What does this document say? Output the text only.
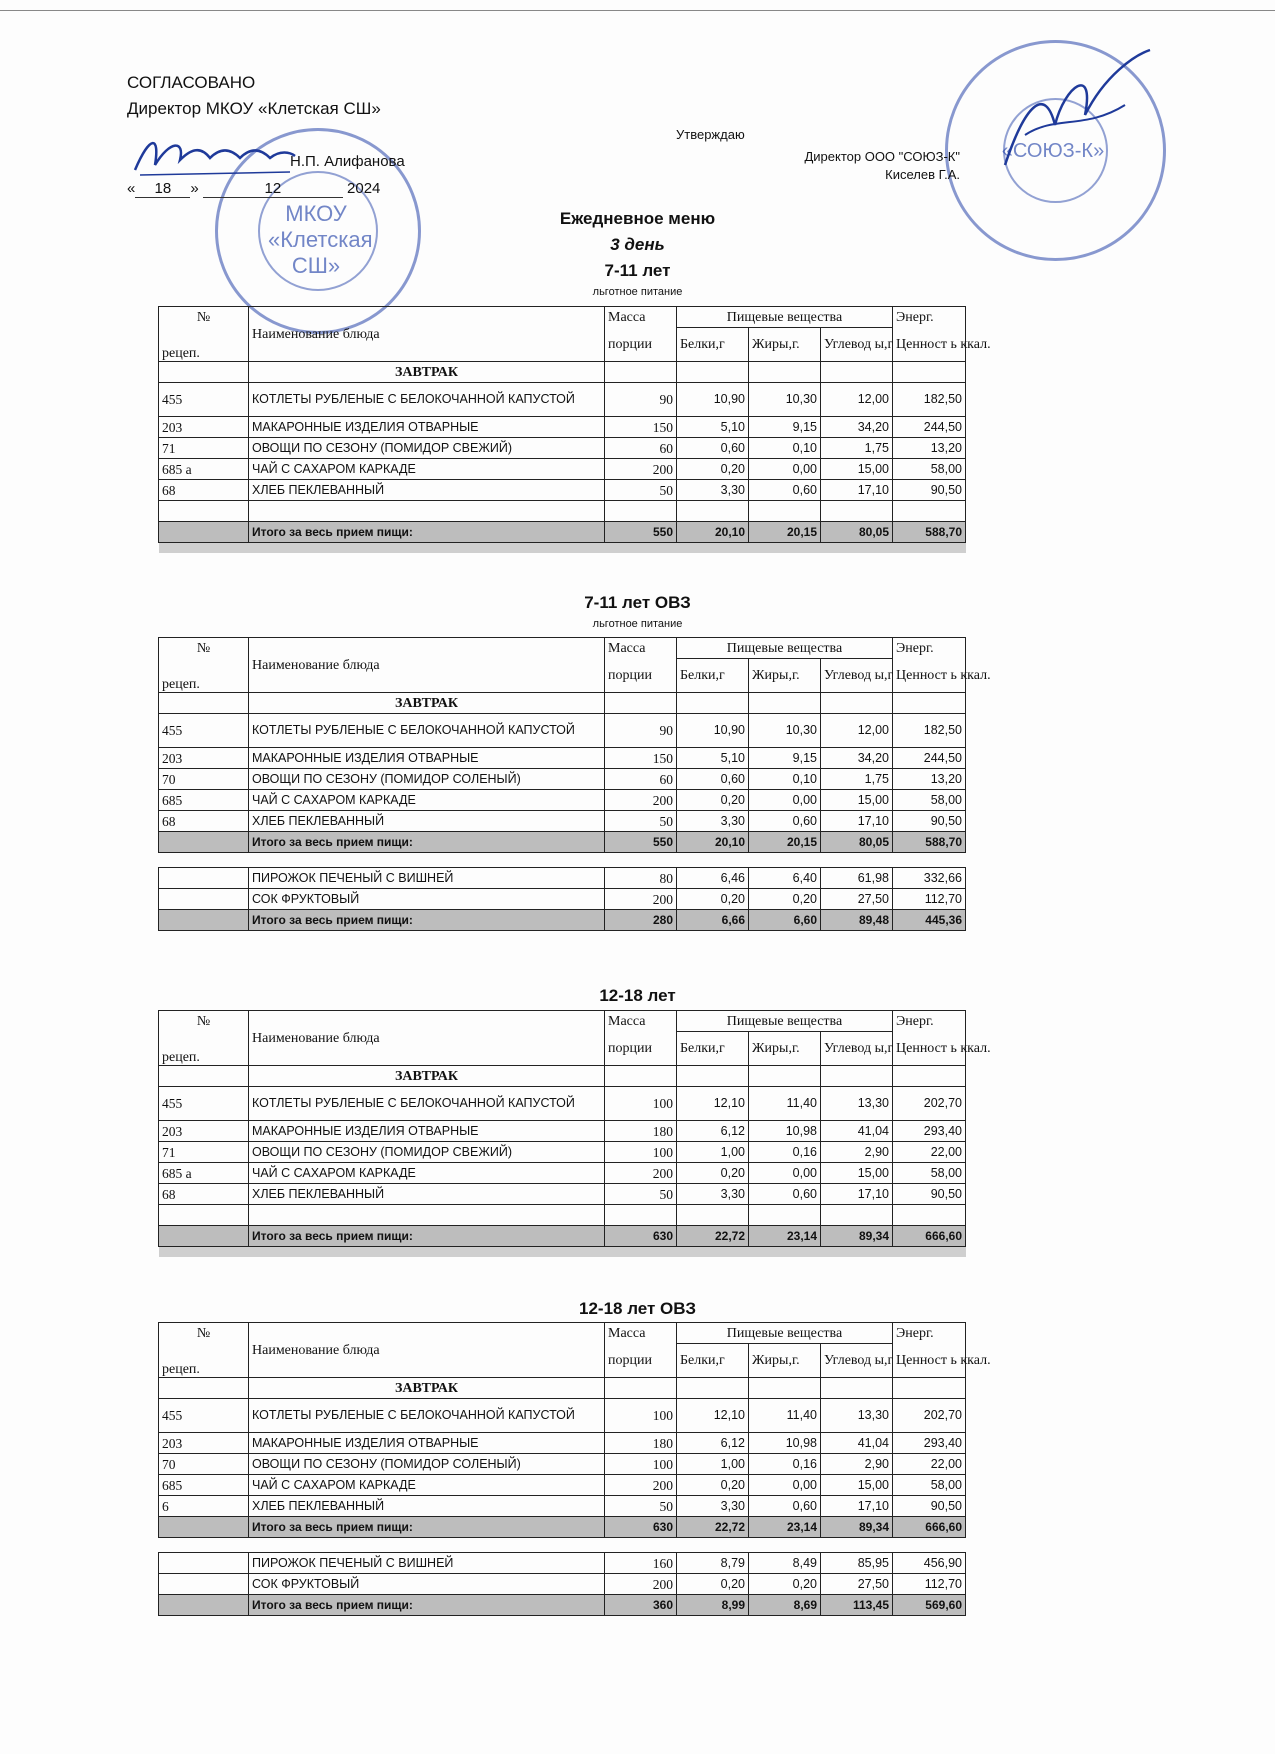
МКОУ «Клетская СШ»
«СОЮЗ-К»
СОГЛАСОВАНО
Директор МКОУ «Клетская СШ»
Н.П. Алифанова
« 18 »	12	2024
Утверждаю
Директор ООО "СОЮЗ-К"
Киселев Г.А.
Ежедневное меню
3 день
7-11 лет
льготное питание
№	Наименование блюда	Масса	Пищевые вещества			Энерг.
рецеп.		порции	Белки,г	Жиры,г.	Углевод ы,г	Ценност ь ккал.
	ЗАВТРАК					
455	КОТЛЕТЫ РУБЛЕНЫЕ С БЕЛОКОЧАННОЙ КАПУСТОЙ	90	10,90	10,30	12,00	182,50
203	МАКАРОННЫЕ ИЗДЕЛИЯ ОТВАРНЫЕ	150	5,10	9,15	34,20	244,50
71	ОВОЩИ ПО СЕЗОНУ (ПОМИДОР СВЕЖИЙ)	60	0,60	0,10	1,75	13,20
685 а	ЧАЙ С САХАРОМ КАРКАДЕ	200	0,20	0,00	15,00	58,00
68	ХЛЕБ ПЕКЛЕВАННЫЙ	50	3,30	0,60	17,10	90,50

	Итого за весь прием пищи:	550	20,10	20,15	80,05	588,70

7-11 лет ОВЗ
льготное питание
№	Наименование блюда	Масса	Пищевые вещества			Энерг.
рецеп.		порции	Белки,г	Жиры,г.	Углевод ы,г	Ценност ь ккал.
	ЗАВТРАК					
455	КОТЛЕТЫ РУБЛЕНЫЕ С БЕЛОКОЧАННОЙ КАПУСТОЙ	90	10,90	10,30	12,00	182,50
203	МАКАРОННЫЕ ИЗДЕЛИЯ ОТВАРНЫЕ	150	5,10	9,15	34,20	244,50
70	ОВОЩИ ПО СЕЗОНУ (ПОМИДОР СОЛЕНЫЙ)	60	0,60	0,10	1,75	13,20
685	ЧАЙ С САХАРОМ КАРКАДЕ	200	0,20	0,00	15,00	58,00
68	ХЛЕБ ПЕКЛЕВАННЫЙ	50	3,30	0,60	17,10	90,50
	Итого за весь прием пищи:	550	20,10	20,15	80,05	588,70

	ПИРОЖОК ПЕЧЕНЫЙ С ВИШНЕЙ	80	6,46	6,40	61,98	332,66
	СОК ФРУКТОВЫЙ	200	0,20	0,20	27,50	112,70
	Итого за весь прием пищи:	280	6,66	6,60	89,48	445,36
12-18 лет
№	Наименование блюда	Масса	Пищевые вещества			Энерг.
рецеп.		порции	Белки,г	Жиры,г.	Углевод ы,г	Ценност ь ккал.
	ЗАВТРАК					
455	КОТЛЕТЫ РУБЛЕНЫЕ С БЕЛОКОЧАННОЙ КАПУСТОЙ	100	12,10	11,40	13,30	202,70
203	МАКАРОННЫЕ ИЗДЕЛИЯ ОТВАРНЫЕ	180	6,12	10,98	41,04	293,40
71	ОВОЩИ ПО СЕЗОНУ (ПОМИДОР СВЕЖИЙ)	100	1,00	0,16	2,90	22,00
685 а	ЧАЙ С САХАРОМ КАРКАДЕ	200	0,20	0,00	15,00	58,00
68	ХЛЕБ ПЕКЛЕВАННЫЙ	50	3,30	0,60	17,10	90,50

	Итого за весь прием пищи:	630	22,72	23,14	89,34	666,60

12-18 лет ОВЗ
№	Наименование блюда	Масса	Пищевые вещества			Энерг.
рецеп.		порции	Белки,г	Жиры,г.	Углевод ы,г	Ценност ь ккал.
	ЗАВТРАК					
455	КОТЛЕТЫ РУБЛЕНЫЕ С БЕЛОКОЧАННОЙ КАПУСТОЙ	100	12,10	11,40	13,30	202,70
203	МАКАРОННЫЕ ИЗДЕЛИЯ ОТВАРНЫЕ	180	6,12	10,98	41,04	293,40
70	ОВОЩИ ПО СЕЗОНУ (ПОМИДОР СОЛЕНЫЙ)	100	1,00	0,16	2,90	22,00
685	ЧАЙ С САХАРОМ КАРКАДЕ	200	0,20	0,00	15,00	58,00
6	ХЛЕБ ПЕКЛЕВАННЫЙ	50	3,30	0,60	17,10	90,50
	Итого за весь прием пищи:	630	22,72	23,14	89,34	666,60

	ПИРОЖОК ПЕЧЕНЫЙ С ВИШНЕЙ	160	8,79	8,49	85,95	456,90
	СОК ФРУКТОВЫЙ	200	0,20	0,20	27,50	112,70
	Итого за весь прием пищи:	360	8,99	8,69	113,45	569,60
